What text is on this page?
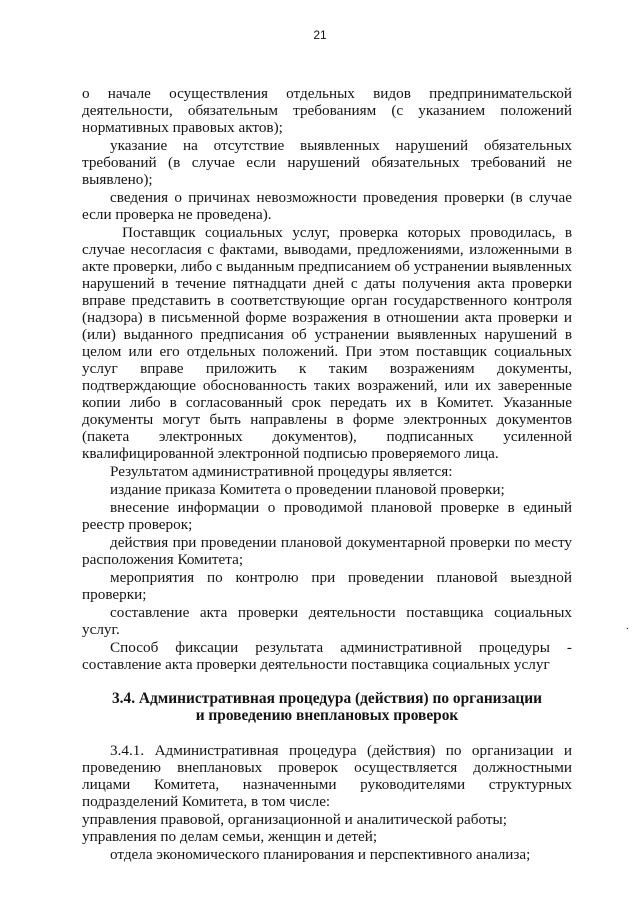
21
о начале осуществления отдельных видов предпринимательской
деятельности, обязательным требованиям (с указанием положений
нормативных правовых актов);
указание на отсутствие выявленных нарушений обязательных
требований (в случае если нарушений обязательных требований не
выявлено);
сведения о причинах невозможности проведения проверки (в случае
если проверка не проведена).
Поставщик социальных услуг, проверка которых проводилась, в
случае несогласия с фактами, выводами, предложениями, изложенными в
акте проверки, либо с выданным предписанием об устранении выявленных
нарушений в течение пятнадцати дней с даты получения акта проверки
вправе представить в соответствующие орган государственного контроля
(надзора) в письменной форме возражения в отношении акта проверки и
(или) выданного предписания об устранении выявленных нарушений в
целом или его отдельных положений. При этом поставщик социальных
услуг вправе приложить к таким возражениям документы,
подтверждающие обоснованность таких возражений, или их заверенные
копии либо в согласованный срок передать их в Комитет. Указанные
документы могут быть направлены в форме электронных документов
(пакета электронных документов), подписанных усиленной
квалифицированной электронной подписью проверяемого лица.
Результатом административной процедуры является:
издание приказа Комитета о проведении плановой проверки;
внесение информации о проводимой плановой проверке в единый
реестр проверок;
действия при проведении плановой документарной проверки по месту
расположения Комитета;
мероприятия по контролю при проведении плановой выездной
проверки;
составление акта проверки деятельности поставщика социальных
услуг.
Способ фиксации результата административной процедуры -
составление акта проверки деятельности поставщика социальных услуг
3.4. Административная процедура (действия) по организации
и проведению внеплановых проверок
3.4.1. Административная процедура (действия) по организации и
проведению внеплановых проверок осуществляется должностными
лицами Комитета, назначенными руководителями структурных
подразделений Комитета, в том числе:
управления правовой, организационной и аналитической работы;
управления по делам семьи, женщин и детей;
отдела экономического планирования и перспективного анализа;
.
